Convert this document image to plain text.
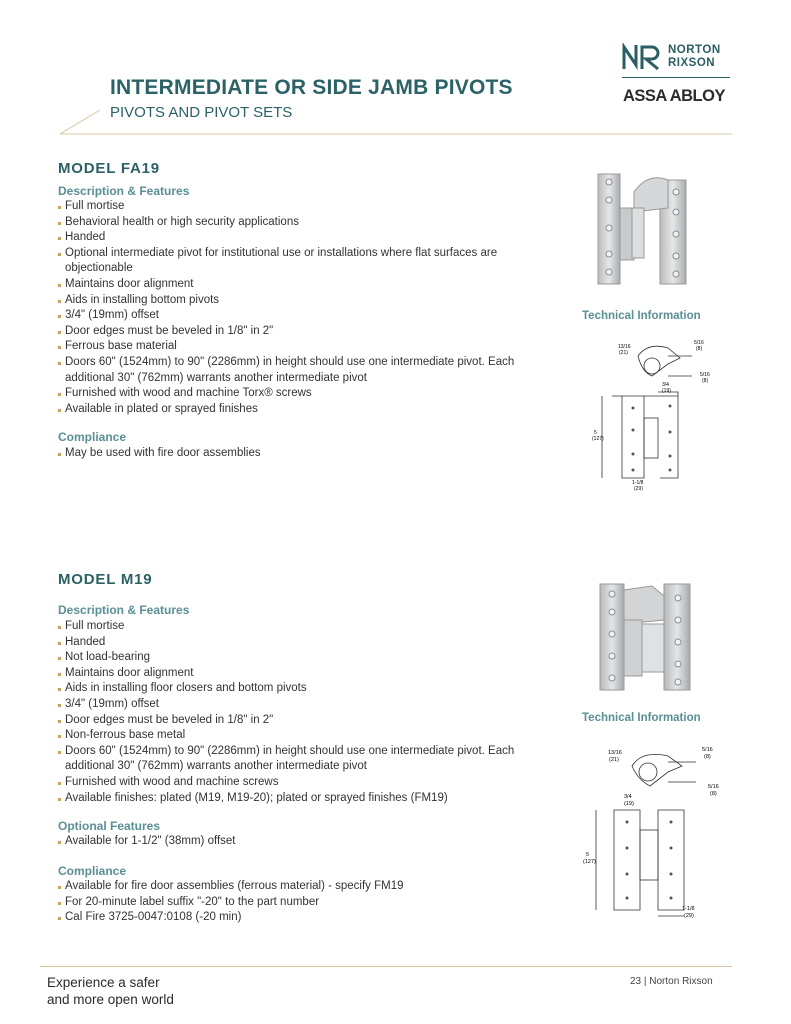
INTERMEDIATE OR SIDE JAMB PIVOTS
PIVOTS AND PIVOT SETS
NORTON
RIXSON
ASSA ABLOY
MODEL FA19
Description & Features
Full mortise
Behavioral health or high security applications
Handed
Optional intermediate pivot for institutional use or installations where flat surfaces are objectionable
Maintains door alignment
Aids in installing bottom pivots
3/4" (19mm) offset
Door edges must be beveled in 1/8" in 2"
Ferrous base material
Doors 60" (1524mm) to 90" (2286mm) in height should use one intermediate pivot. Each additional 30" (762mm) warrants another intermediate pivot
Furnished with wood and machine Torx® screws
Available in plated or sprayed finishes
Compliance
May be used with fire door assemblies
Technical Information
13/16
(21)
5/16
(8)
5/16
(8)
3/4
(19)
5
(127)
1-1/8
(29)
MODEL M19
Description & Features
Full mortise
Handed
Not load-bearing
Maintains door alignment
Aids in installing floor closers and bottom pivots
3/4" (19mm) offset
Door edges must be beveled in 1/8" in 2"
Non-ferrous base metal
Doors 60" (1524mm) to 90" (2286mm) in height should use one intermediate pivot. Each additional 30" (762mm) warrants another intermediate pivot
Furnished with wood and machine screws
Available finishes: plated (M19, M19-20); plated or sprayed finishes (FM19)
Optional Features
Available for 1-1/2" (38mm) offset
Compliance
Available for fire door assemblies (ferrous material) - specify FM19
For 20-minute label suffix "-20" to the part number
Cal Fire 3725-0047:0108 (-20 min)
Technical Information
13/16
(21)
5/16
(8)
5/16
(8)
3/4
(19)
5
(127)
1-1/8
(29)
Experience a safer
and more open world
23 | Norton Rixson
